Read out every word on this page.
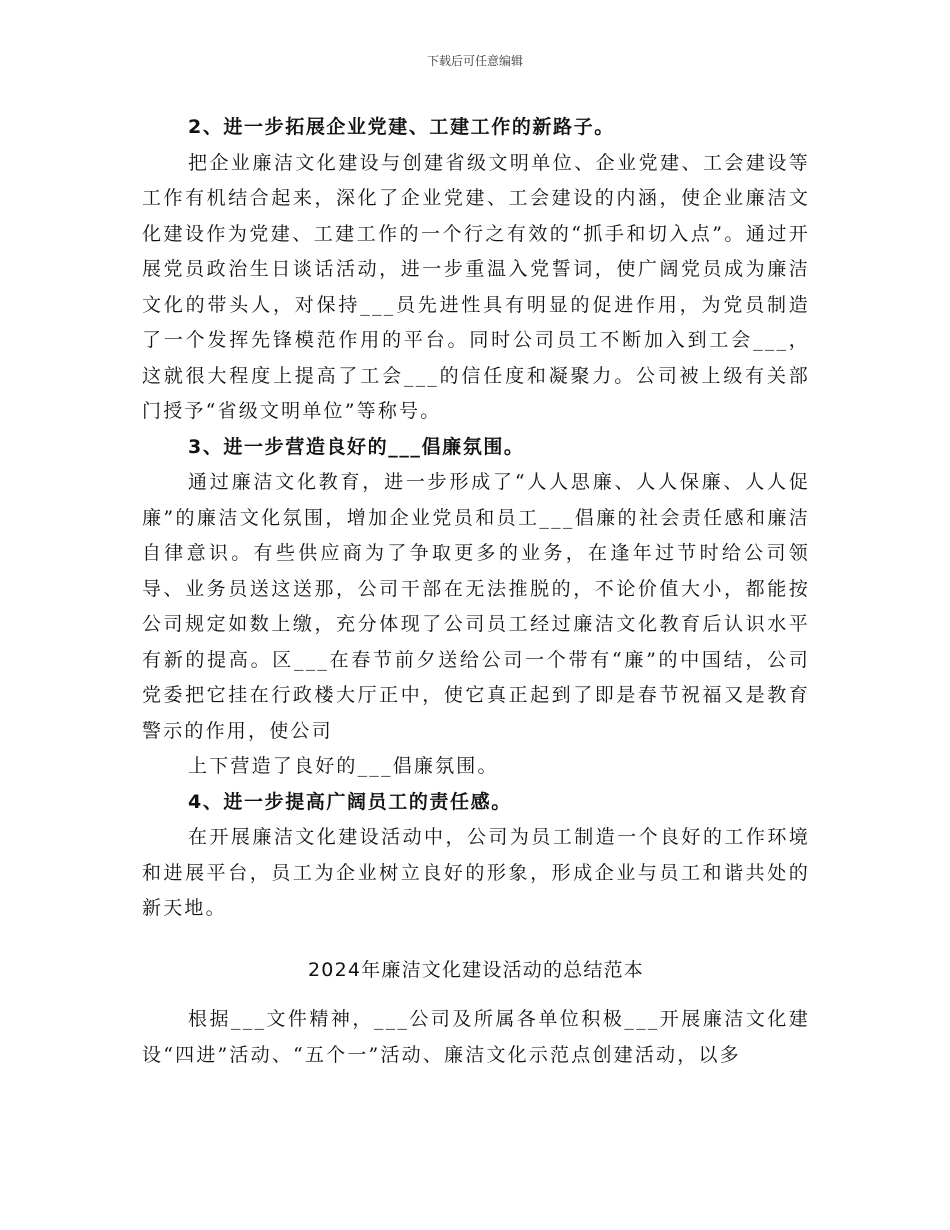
下载后可任意编辑

2、进一步拓展企业党建、工建工作的新路子。

把企业廉洁文化建设与创建省级文明单位、企业党建、工会建设等工作有机结合起来，深化了企业党建、工会建设的内涵，使企业廉洁文化建设作为党建、工建工作的一个行之有效的“抓手和切入点”。通过开展党员政治生日谈话活动，进一步重温入党誓词，使广阔党员成为廉洁文化的带头人，对保持___员先进性具有明显的促进作用，为党员制造了一个发挥先锋模范作用的平台。同时公司员工不断加入到工会___，这就很大程度上提高了工会___的信任度和凝聚力。公司被上级有关部门授予“省级文明单位”等称号。

3、进一步营造良好的___倡廉氛围。

通过廉洁文化教育，进一步形成了“人人思廉、人人保廉、人人促廉”的廉洁文化氛围，增加企业党员和员工___倡廉的社会责任感和廉洁自律意识。有些供应商为了争取更多的业务，在逢年过节时给公司领导、业务员送这送那，公司干部在无法推脱的，不论价值大小，都能按公司规定如数上缴，充分体现了公司员工经过廉洁文化教育后认识水平有新的提高。区___在春节前夕送给公司一个带有“廉”的中国结，公司党委把它挂在行政楼大厅正中，使它真正起到了即是春节祝福又是教育警示的作用，使公司

上下营造了良好的___倡廉氛围。

4、进一步提高广阔员工的责任感。

在开展廉洁文化建设活动中，公司为员工制造一个良好的工作环境和进展平台，员工为企业树立良好的形象，形成企业与员工和谐共处的新天地。

2024年廉洁文化建设活动的总结范本

根据___文件精神，___公司及所属各单位积极___开展廉洁文化建设“四进”活动、“五个一”活动、廉洁文化示范点创建活动，以多
